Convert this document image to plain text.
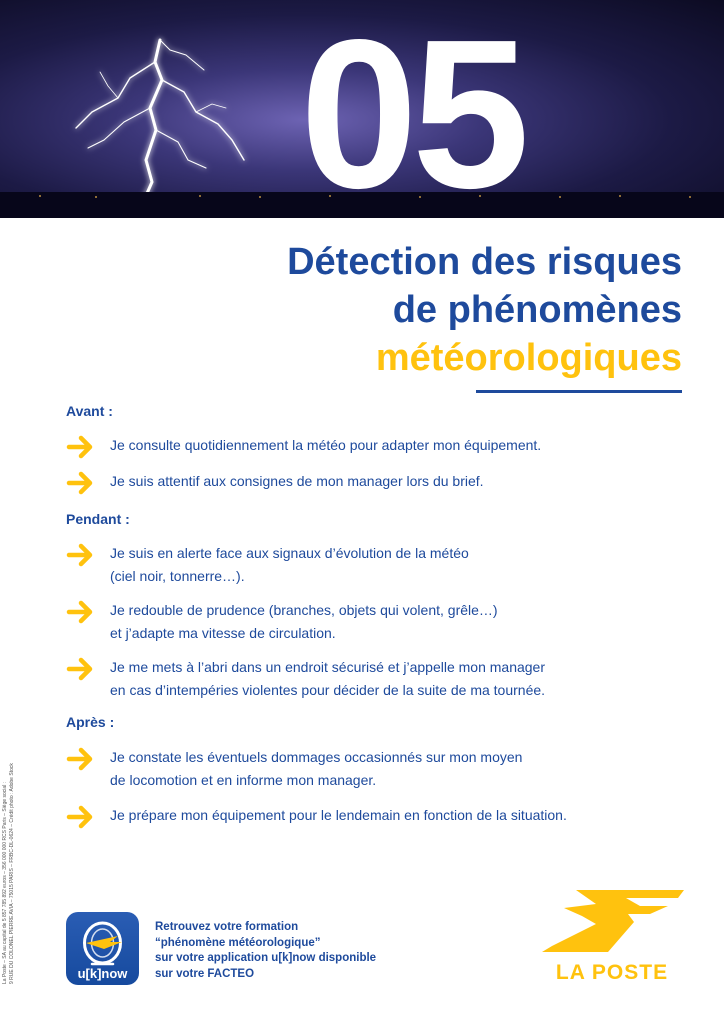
05
Détection des risques
de phénomènes
météorologiques
Avant :
Je consulte quotidiennement la météo pour adapter mon équipement.
Je suis attentif aux consignes de mon manager lors du brief.
Pendant :
Je suis en alerte face aux signaux d’évolution de la météo
(ciel noir, tonnerre…).
Je redouble de prudence (branches, objets qui volent, grêle…)
et j’adapte ma vitesse de circulation.
Je me mets à l’abri dans un endroit sécurisé et j’appelle mon manager
en cas d’intempéries violentes pour décider de la suite de ma tournée.
Après :
Je constate les éventuels dommages occasionnés sur mon moyen
de locomotion et en informe mon manager.
Je prépare mon équipement pour le lendemain en fonction de la situation.
La Poste – SA au capital de 5 857 785 892 euros – 356 000 000 RCS Paris – Siège social : 9 RUE DU COLONEL PIERRE AVIA – 75015 PARIS – FRBC-DL-0624 – Crédit photo : Adobe Stock	u[k]now
Retrouvez votre formation
“phénomène météorologique”
sur votre application u[k]now disponible
sur votre FACTEO	LA POSTE
